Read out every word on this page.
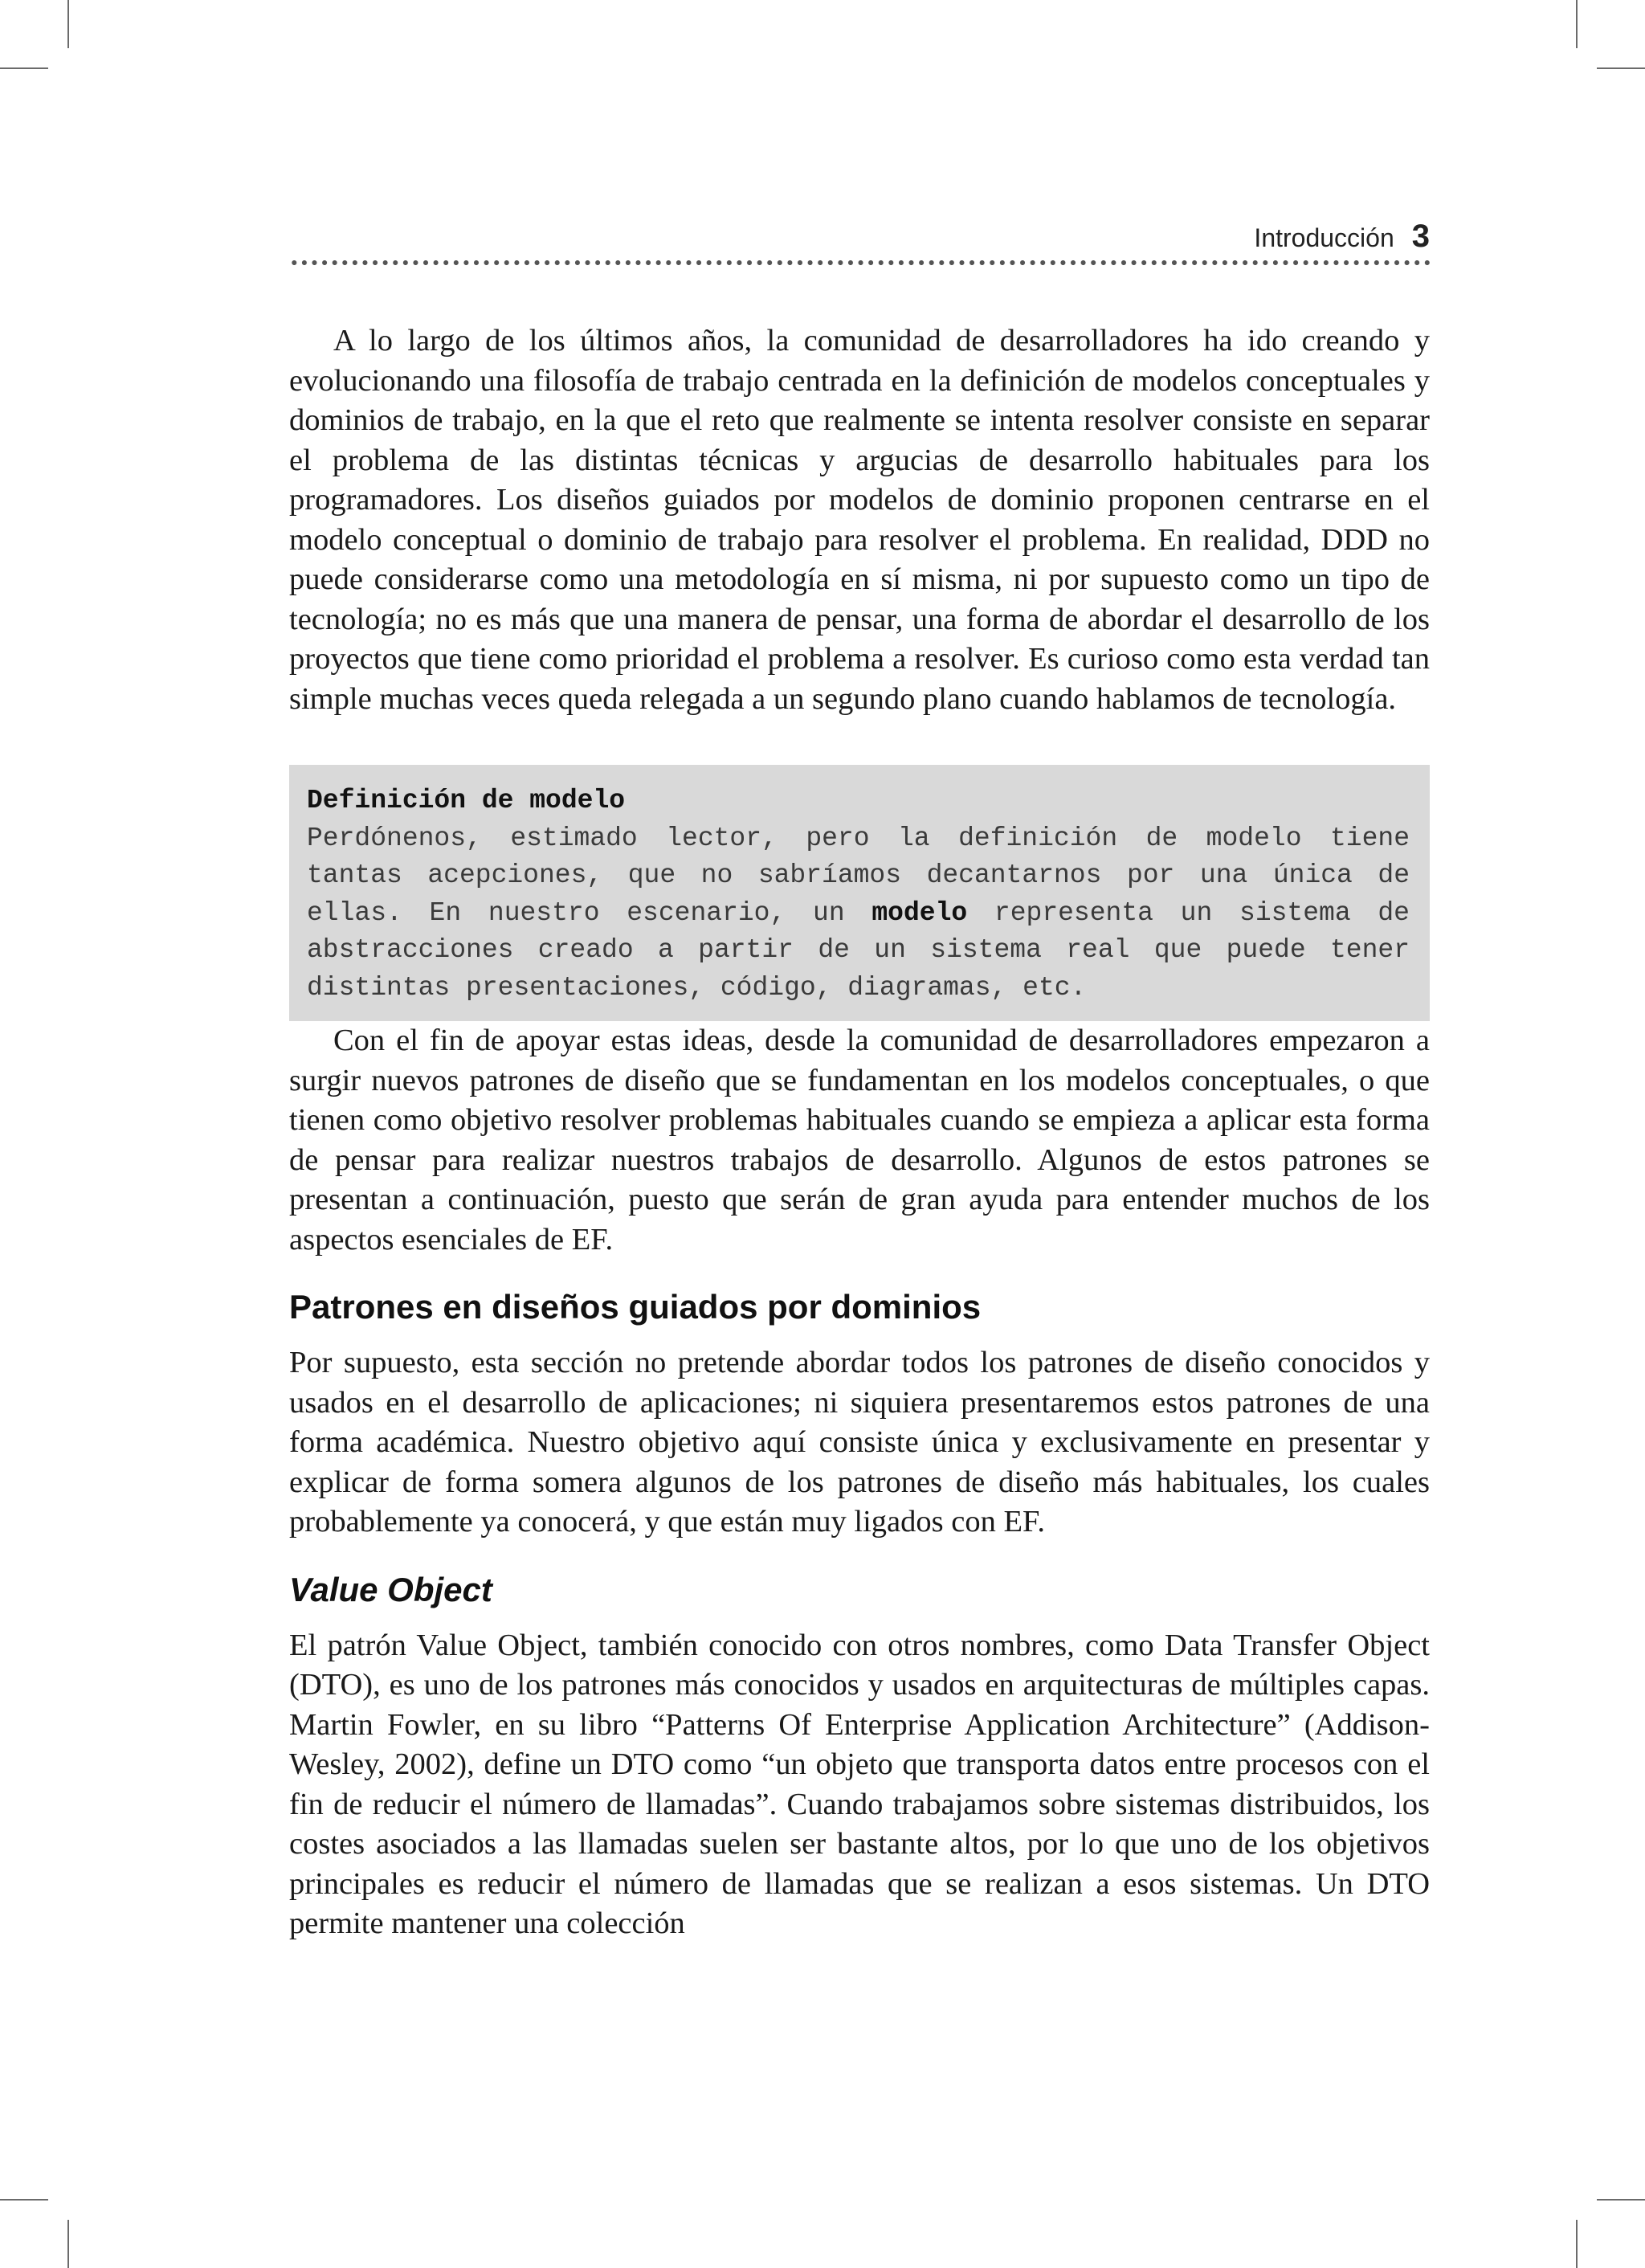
Introducción 3

A lo largo de los últimos años, la comunidad de desarrolladores ha ido creando y evolucionando una filosofía de trabajo centrada en la definición de modelos conceptuales y dominios de trabajo, en la que el reto que realmente se intenta resolver consiste en separar el problema de las distintas técnicas y argucias de desarrollo habituales para los programadores. Los diseños guiados por modelos de dominio proponen centrarse en el modelo conceptual o dominio de trabajo para resolver el problema. En realidad, DDD no puede considerarse como una metodología en sí misma, ni por supuesto como un tipo de tecnología; no es más que una manera de pensar, una forma de abordar el desarrollo de los proyectos que tiene como prioridad el problema a resolver. Es curioso como esta verdad tan simple muchas veces queda relegada a un segundo plano cuando hablamos de tecnología.

Definición de modelo
Perdónenos, estimado lector, pero la definición de modelo tiene tantas acepciones, que no sabríamos decantarnos por una única de ellas. En nuestro escenario, un modelo representa un sistema de abstracciones creado a partir de un sistema real que puede tener distintas presentaciones, código, diagramas, etc.

Con el fin de apoyar estas ideas, desde la comunidad de desarrolladores empezaron a surgir nuevos patrones de diseño que se fundamentan en los modelos conceptuales, o que tienen como objetivo resolver problemas habituales cuando se empieza a aplicar esta forma de pensar para realizar nuestros trabajos de desarrollo. Algunos de estos patrones se presentan a continuación, puesto que serán de gran ayuda para entender muchos de los aspectos esenciales de EF.

Patrones en diseños guiados por dominios

Por supuesto, esta sección no pretende abordar todos los patrones de diseño conocidos y usados en el desarrollo de aplicaciones; ni siquiera presentaremos estos patrones de una forma académica. Nuestro objetivo aquí consiste única y exclusivamente en presentar y explicar de forma somera algunos de los patrones de diseño más habituales, los cuales probablemente ya conocerá, y que están muy ligados con EF.

Value Object

El patrón Value Object, también conocido con otros nombres, como Data Transfer Object (DTO), es uno de los patrones más conocidos y usados en arquitecturas de múltiples capas. Martin Fowler, en su libro “Patterns Of Enterprise Application Architecture” (Addison-Wesley, 2002), define un DTO como “un objeto que transporta datos entre procesos con el fin de reducir el número de llamadas”. Cuando trabajamos sobre sistemas distribuidos, los costes asociados a las llamadas suelen ser bastante altos, por lo que uno de los objetivos principales es reducir el número de llamadas que se realizan a esos sistemas. Un DTO permite mantener una colección
